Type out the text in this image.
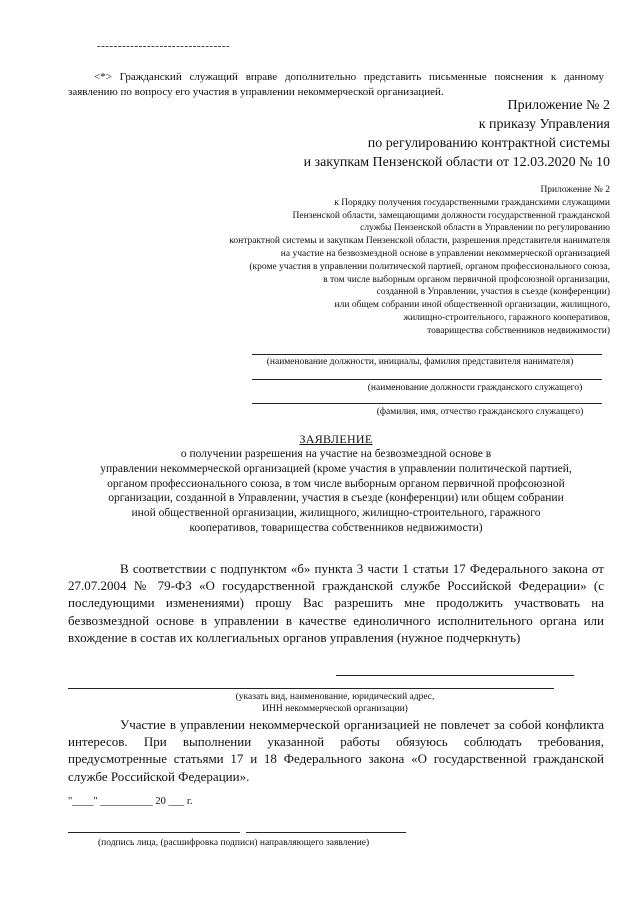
--------------------------------
<*> Гражданский служащий вправе дополнительно представить письменные пояснения к данному заявлению по вопросу его участия в управлении некоммерческой организацией.
Приложение № 2
к приказу Управления
по регулированию контрактной системы
и закупкам Пензенской области от 12.03.2020 № 10
Приложение № 2
к Порядку получения государственными гражданскими служащими
Пензенской области, замещающими должности государственной гражданской
службы Пензенской области в Управлении по регулированию
контрактной системы и закупкам Пензенской области, разрешения представителя нанимателя
на участие на безвозмездной основе в управлении некоммерческой организацией
(кроме участия в управлении политической партией, органом профессионального союза,
в том числе выборным органом первичной профсоюзной организации,
созданной в Управлении, участия в съезде (конференции)
или общем собрании иной общественной организации, жилищного,
жилищно-строительного, гаражного кооперативов,
товарищества собственников недвижимости)
(наименование должности, инициалы, фамилия представителя нанимателя)
(наименование должности гражданского служащего)
(фамилия, имя, отчество гражданского служащего)
ЗАЯВЛЕНИЕ
о получении разрешения на участие на безвозмездной основе в
управлении некоммерческой организацией (кроме участия в управлении политической партией,
органом профессионального союза, в том числе выборным органом первичной профсоюзной
организации, созданной в Управлении, участия в съезде (конференции) или общем собрании
иной общественной организации, жилищного, жилищно-строительного, гаражного
кооперативов, товарищества собственников недвижимости)
В соответствии с подпунктом «б» пункта 3 части 1 статьи 17 Федерального закона от 27.07.2004 № 79-ФЗ «О государственной гражданской службе Российской Федерации» (с последующими изменениями) прошу Вас разрешить мне продолжить участвовать на безвозмездной основе в управлении в качестве единоличного исполнительного органа или вхождение в состав их коллегиальных органов управления (нужное подчеркнуть)
(указать вид, наименование, юридический адрес,
ИНН некоммерческой организации)
Участие в управлении некоммерческой организацией не повлечет за собой конфликта интересов. При выполнении указанной работы обязуюсь соблюдать требования, предусмотренные статьями 17 и 18 Федерального закона «О государственной гражданской службе Российской Федерации».
"____" __________ 20 ___ г.
(подпись лица, (расшифровка подписи) направляющего заявление)
